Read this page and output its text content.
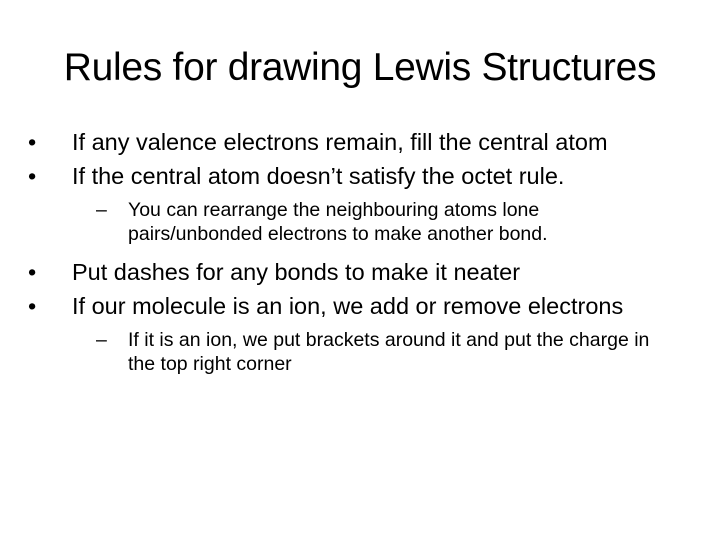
Rules for drawing Lewis Structures
•	If any valence electrons remain, fill the central atom
•	If the central atom doesn’t satisfy the octet rule.
– You can rearrange the neighbouring atoms lone pairs/unbonded electrons to make another bond.
•	Put dashes for any bonds to make it neater
•	If our molecule is an ion, we add or remove electrons
– If it is an ion, we put brackets around it and put the charge in the top right corner
